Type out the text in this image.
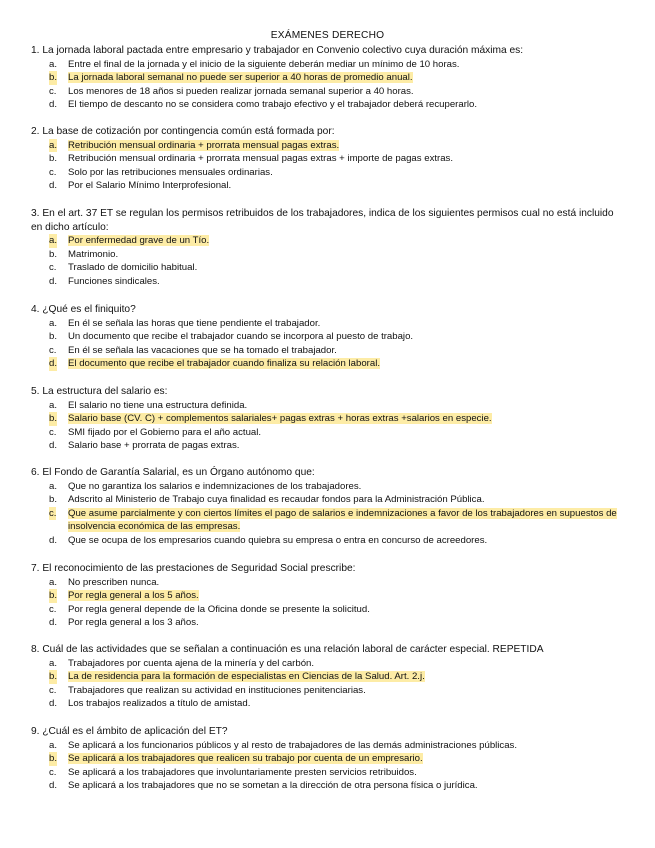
EXÁMENES DERECHO
1. La jornada laboral pactada entre empresario y trabajador en Convenio colectivo cuya duración máxima es:
a. Entre el final de la jornada y el inicio de la siguiente deberán mediar un mínimo de 10 horas.
b. La jornada laboral semanal no puede ser superior a 40 horas de promedio anual.
c. Los menores de 18 años si pueden realizar jornada semanal superior a 40 horas.
d. El tiempo de descanto no se considera como trabajo efectivo y el trabajador deberá recuperarlo.
2. La base de cotización por contingencia común está formada por:
a. Retribución mensual ordinaria + prorrata mensual pagas extras.
b. Retribución mensual ordinaria + prorrata mensual pagas extras + importe de pagas extras.
c. Solo por las retribuciones mensuales ordinarias.
d. Por el Salario Mínimo Interprofesional.
3. En el art. 37 ET se regulan los permisos retribuidos de los trabajadores, indica de los siguientes permisos cual no está incluido en dicho artículo:
a. Por enfermedad grave de un Tío.
b. Matrimonio.
c. Traslado de domicilio habitual.
d. Funciones sindicales.
4. ¿Qué es el finiquito?
a. En él se señala las horas que tiene pendiente el trabajador.
b. Un documento que recibe el trabajador cuando se incorpora al puesto de trabajo.
c. En él se señala las vacaciones que se ha tomado el trabajador.
d. El documento que recibe el trabajador cuando finaliza su relación laboral.
5. La estructura del salario es:
a. El salario no tiene una estructura definida.
b. Salario base (CV. C) + complementos salariales+ pagas extras + horas extras +salarios en especie.
c. SMI fijado por el Gobierno para el año actual.
d. Salario base + prorrata de pagas extras.
6. El Fondo de Garantía Salarial, es un Órgano autónomo que:
a. Que no garantiza los salarios e indemnizaciones de los trabajadores.
b. Adscrito al Ministerio de Trabajo cuya finalidad es recaudar fondos para la Administración Pública.
c. Que asume parcialmente y con ciertos límites el pago de salarios e indemnizaciones a favor de los trabajadores en supuestos de insolvencia económica de las empresas.
d. Que se ocupa de los empresarios cuando quiebra su empresa o entra en concurso de acreedores.
7. El reconocimiento de las prestaciones de Seguridad Social prescribe:
a. No prescriben nunca.
b. Por regla general a los 5 años.
c. Por regla general depende de la Oficina donde se presente la solicitud.
d. Por regla general a los 3 años.
8. Cuál de las actividades que se señalan a continuación es una relación laboral de carácter especial. REPETIDA
a. Trabajadores por cuenta ajena de la minería y del carbón.
b. La de residencia para la formación de especialistas en Ciencias de la Salud. Art. 2.j.
c. Trabajadores que realizan su actividad en instituciones penitenciarias.
d. Los trabajos realizados a título de amistad.
9. ¿Cuál es el ámbito de aplicación del ET?
a. Se aplicará a los funcionarios públicos y al resto de trabajadores de las demás administraciones públicas.
b. Se aplicará a los trabajadores que realicen su trabajo por cuenta de un empresario.
c. Se aplicará a los trabajadores que involuntariamente presten servicios retribuidos.
d. Se aplicará a los trabajadores que no se sometan a la dirección de otra persona física o jurídica.
